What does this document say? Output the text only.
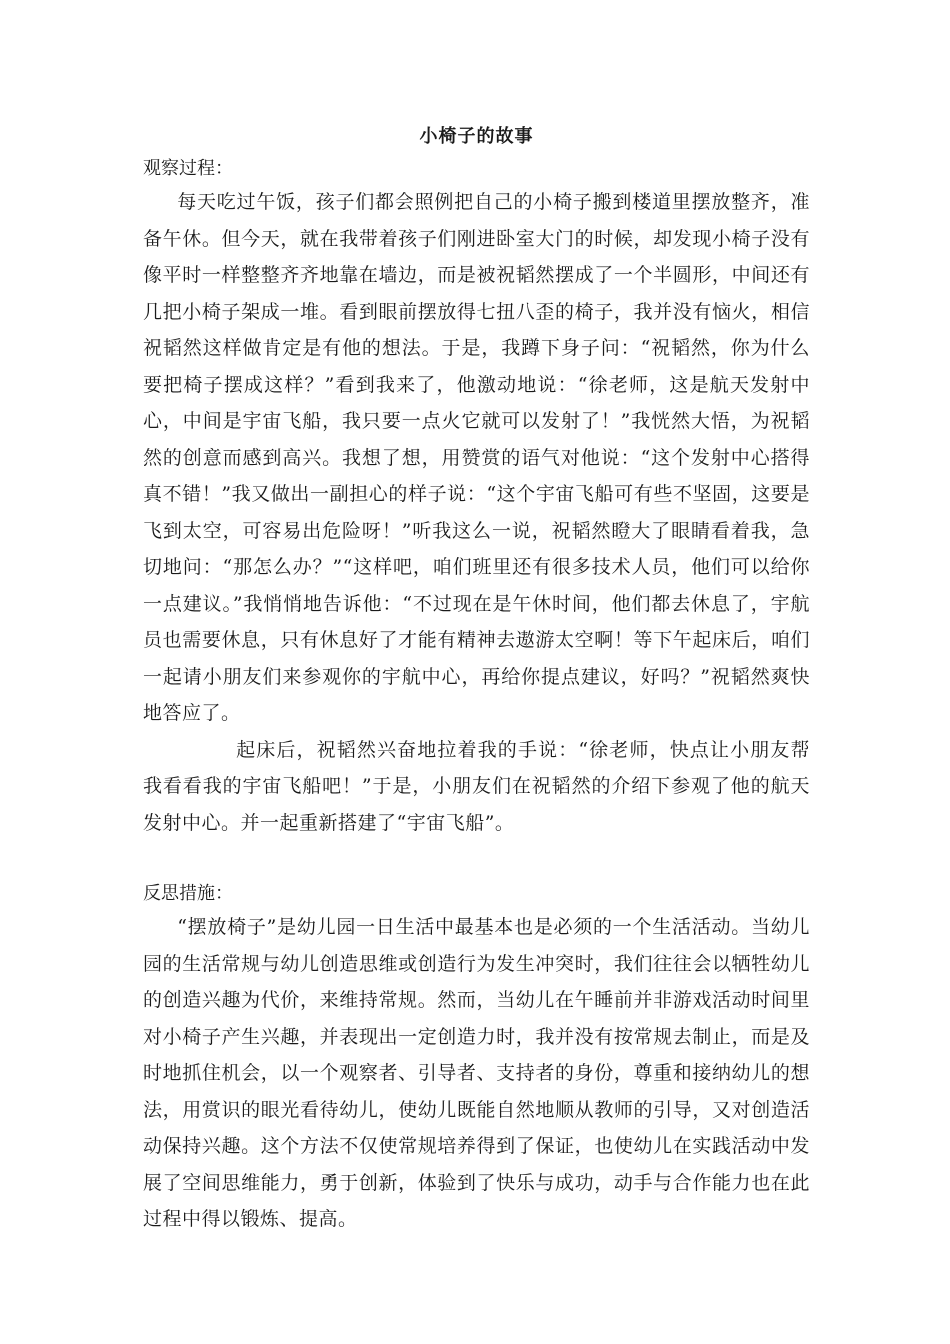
小椅子的故事

观察过程：

每天吃过午饭，孩子们都会照例把自己的小椅子搬到楼道里摆放整齐，准备午休。但今天，就在我带着孩子们刚进卧室大门的时候，却发现小椅子没有像平时一样整整齐齐地靠在墙边，而是被祝韬然摆成了一个半圆形，中间还有几把小椅子架成一堆。看到眼前摆放得七扭八歪的椅子，我并没有恼火，相信祝韬然这样做肯定是有他的想法。于是，我蹲下身子问：“祝韬然，你为什么要把椅子摆成这样？”看到我来了，他激动地说：“徐老师，这是航天发射中心，中间是宇宙飞船，我只要一点火它就可以发射了！”我恍然大悟，为祝韬然的创意而感到高兴。我想了想，用赞赏的语气对他说：“这个发射中心搭得真不错！”我又做出一副担心的样子说：“这个宇宙飞船可有些不坚固，这要是飞到太空，可容易出危险呀！”听我这么一说，祝韬然瞪大了眼睛看着我，急切地问：“那怎么办？”“这样吧，咱们班里还有很多技术人员，他们可以给你一点建议。”我悄悄地告诉他：“不过现在是午休时间，他们都去休息了，宇航员也需要休息，只有休息好了才能有精神去遨游太空啊！等下午起床后，咱们一起请小朋友们来参观你的宇航中心，再给你提点建议，好吗？”祝韬然爽快地答应了。

起床后，祝韬然兴奋地拉着我的手说：“徐老师，快点让小朋友帮我看看我的宇宙飞船吧！”于是，小朋友们在祝韬然的介绍下参观了他的航天发射中心。并一起重新搭建了“宇宙飞船”。

反思措施：

“摆放椅子”是幼儿园一日生活中最基本也是必须的一个生活活动。当幼儿园的生活常规与幼儿创造思维或创造行为发生冲突时，我们往往会以牺牲幼儿的创造兴趣为代价，来维持常规。然而，当幼儿在午睡前并非游戏活动时间里对小椅子产生兴趣，并表现出一定创造力时，我并没有按常规去制止，而是及时地抓住机会，以一个观察者、引导者、支持者的身份，尊重和接纳幼儿的想法，用赏识的眼光看待幼儿，使幼儿既能自然地顺从教师的引导，又对创造活动保持兴趣。这个方法不仅使常规培养得到了保证，也使幼儿在实践活动中发展了空间思维能力，勇于创新，体验到了快乐与成功，动手与合作能力也在此过程中得以锻炼、提高。
